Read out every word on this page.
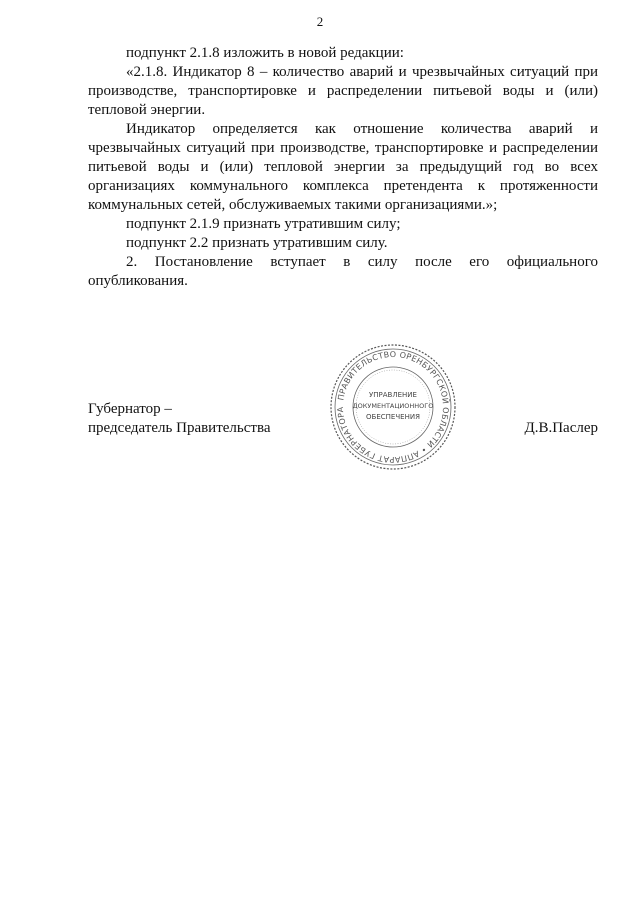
2

подпункт 2.1.8 изложить в новой редакции:

«2.1.8. Индикатор 8 – количество аварий и чрезвычайных ситуаций при производстве, транспортировке и распределении питьевой воды и (или) тепловой энергии.

Индикатор определяется как отношение количества аварий и чрезвычайных ситуаций при производстве, транспортировке и распределении питьевой воды и (или) тепловой энергии за предыдущий год во всех организациях коммунального комплекса претендента к протяженности коммунальных сетей, обслуживаемых такими организациями.»;

подпункт 2.1.9 признать утратившим силу;

подпункт 2.2 признать утратившим силу.

2. Постановление вступает в силу после его официального опубликования.

ПРАВИТЕЛЬСТВО ОРЕНБУРГСКОЙ ОБЛАСТИ • АППАРАТ ГУБЕРНАТОРА
УПРАВЛЕНИЕ
ДОКУМЕНТАЦИОННОГО
ОБЕСПЕЧЕНИЯ
Губернатор –
председатель Правительства	Д.В.Паслер
